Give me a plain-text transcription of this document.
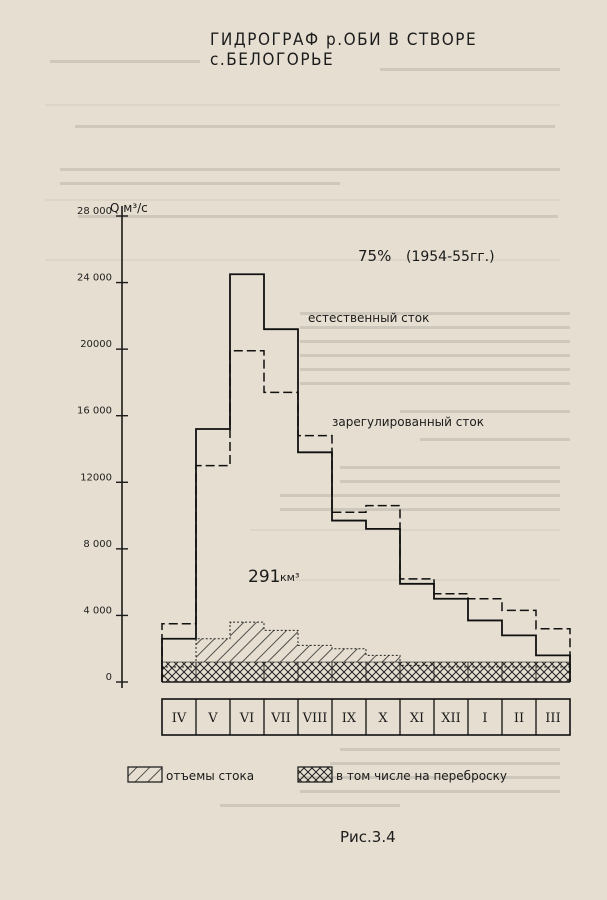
ГИДРОГРАФ р.ОБИ В СТВОРЕ с.БЕЛОГОРЬЕ
0
4 000
8 000
12000
16 000
20000
24 000
28 000
IV V VI VII VIII IX X XI XII I II III
Q м³/с
75% (1954-55гг.)
естественный сток
зарегулированный сток
291 км³
отъемы стока	в том числе на переброску
Рис.3.4
